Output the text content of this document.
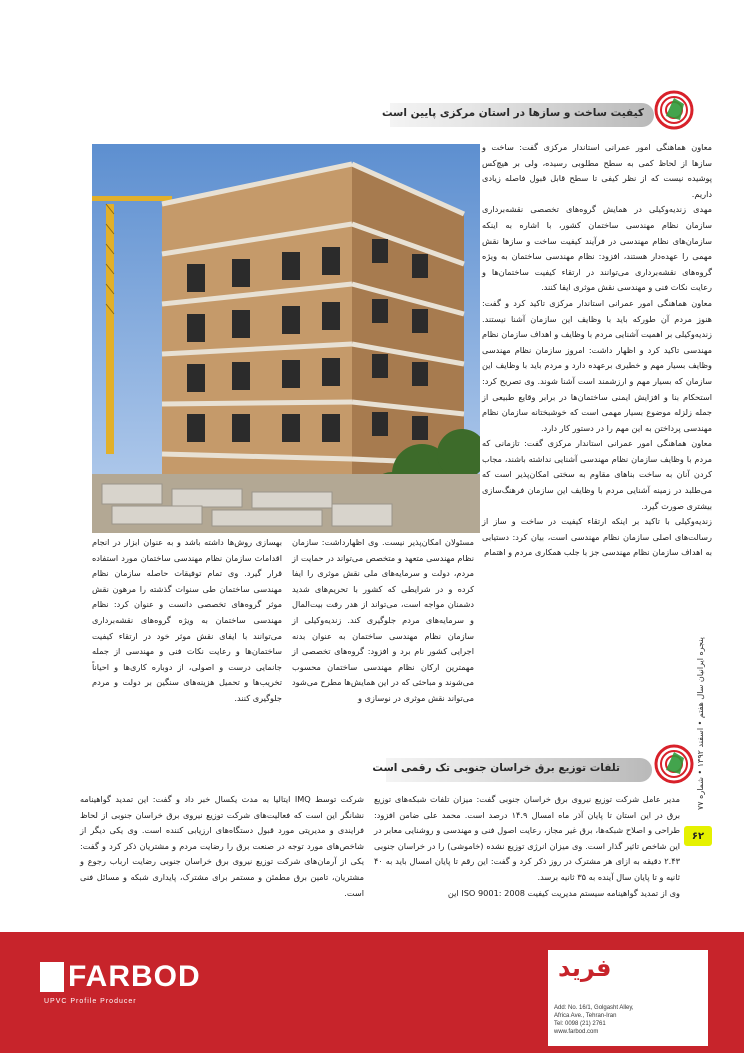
کیفیت ساخت و سازها در استان مرکزی پایین است

معاون هماهنگی امور عمرانی استاندار مرکزی گفت: ساخت و سازها از لحاظ کمی به سطح مطلوبی رسیده، ولی بر هیچ‌کس پوشیده نیست که از نظر کیفی تا سطح قابل قبول فاصله زیادی داریم.

مهدی زندیه‌وکیلی در همایش گروه‌های تخصصی نقشه‌برداری سازمان نظام مهندسی ساختمان کشور، با اشاره به اینکه سازمان‌های نظام مهندسی در فرآیند کیفیت ساخت و سازها نقش مهمی را عهده‌دار هستند، افزود: نظام مهندسی ساختمان به ویژه گروه‌های نقشه‌برداری می‌توانند در ارتقاء کیفیت ساختمان‌ها و رعایت نکات فنی و مهندسی نقش موثری ایفا کنند.

معاون هماهنگی امور عمرانی استاندار مرکزی تاکید کرد و گفت: هنوز مردم آن طورکه باید با وظایف این سازمان آشنا نیستند. زندیه‌وکیلی بر اهمیت آشنایی مردم با وظایف و اهداف سازمان نظام مهندسی تاکید کرد و اظهار داشت: امروز سازمان نظام مهندسی وظایف بسیار مهم و خطیری برعهده دارد و مردم باید با وظایف این سازمان که بسیار مهم و ارزشمند است آشنا شوند. وی تصریح کرد: استحکام بنا و افزایش ایمنی ساختمان‌ها در برابر وقایع طبیعی از جمله زلزله موضوع بسیار مهمی است که خوشبختانه سازمان نظام مهندسی پرداختن به این مهم را در دستور کار دارد.

معاون هماهنگی امور عمرانی استاندار مرکزی گفت: تازمانی که مردم با وظایف سازمان نظام مهندسی آشنایی نداشته باشند، مجاب کردن آنان به ساخت بناهای مقاوم به سختی امکان‌پذیر است که می‌طلبد در زمینه آشنایی مردم با وظایف این سازمان فرهنگ‌سازی بیشتری صورت گیرد.

زندیه‌وکیلی با تاکید بر اینکه ارتقاء کیفیت در ساخت و ساز از رسالت‌های اصلی سازمان نظام مهندسی است، بیان کرد: دستیابی به اهداف سازمان نظام مهندسی جز با جلب همکاری مردم و اهتمام

مسئولان امکان‌پذیر نیست. وی اظهارداشت: سازمان نظام مهندسی متعهد و متخصص می‌تواند در حمایت از مردم، دولت و سرمایه‌های ملی نقش موثری را ایفا کرده و در شرایطی که کشور با تحریم‌های شدید دشمنان مواجه است، می‌تواند از هدر رفت بیت‌المال و سرمایه‌های مردم جلوگیری کند. زندیه‌وکیلی از سازمان نظام مهندسی ساختمان به عنوان بدنه اجرایی کشور نام برد و افزود: گروه‌های تخصصی از مهمترین ارکان نظام مهندسی ساختمان محسوب می‌شوند و مباحثی که در این همایش‌ها مطرح می‌شود می‌تواند نقش موثری در نوسازی و

بهسازی روش‌ها داشته باشد و به عنوان ابزار در انجام اقدامات سازمان نظام مهندسی ساختمان مورد استفاده قرار گیرد. وی تمام توفیقات حاصله سازمان نظام مهندسی ساختمان طی سنوات گذشته را مرهون نقش موثر گروه‌های تخصصی دانست و عنوان کرد: نظام مهندسی ساختمان به ویژه گروه‌های نقشه‌برداری می‌توانند با ایفای نقش موثر خود در ارتقاء کیفیت ساختمان‌ها و رعایت نکات فنی و مهندسی از جمله جانمایی درست و اصولی، از دوباره کاری‌ها و احیاناً تخریب‌ها و تحمیل هزینه‌های سنگین بر دولت و مردم جلوگیری کنند.

پنجره ایرانیان سال هفتم • اسفند ۱۳۹۲ • شماره ۷۷
تلفات توزیع برق خراسان جنوبی تک رقمی است

مدیر عامل شرکت توزیع نیروی برق خراسان جنوبی گفت: میزان تلفات شبکه‌های توزیع برق در این استان تا پایان آذر ماه امسال ۱۴.۹ درصد است. محمد علی ضامن افزود: طراحی و اصلاح شبکه‌ها، برق غیر مجاز، رعایت اصول فنی و مهندسی و روشنایی معابر در این شاخص تاثیر گذار است. وی میزان انرژی توزیع نشده (خاموشی) را در خراسان جنوبی ۲.۴۳ دقیقه به ازای هر مشترک در روز ذکر کرد و گفت: این رقم تا پایان امسال باید به ۴۰ ثانیه و تا پایان سال آینده به ۳۵ ثانیه برسد.

وی از تمدید گواهینامه سیستم مدیریت کیفیت ISO 9001: 2008 این

شرکت توسط IMQ ایتالیا به مدت یکسال خبر داد و گفت: این تمدید گواهینامه نشانگر این است که فعالیت‌های شرکت توزیع نیروی برق خراسان جنوبی از لحاظ فرایندی و مدیریتی مورد قبول دستگاه‌های ارزیابی کننده است. وی یکی دیگر از شاخص‌های مورد توجه در صنعت برق را رضایت مردم و مشتریان ذکر کرد و گفت: یکی از آرمان‌های شرکت توزیع نیروی برق خراسان جنوبی رضایت ارباب رجوع و مشتریان، تامین برق مطمئن و مستمر برای مشترک، پایداری شبکه و مسائل فنی است.

۶۲
FARBOD
UPVC Profile Producer
فرید
Add: No. 16/1, Golgasht Alley,
Africa Ave., Tehran-Iran
Tel: 0098 (21) 2761
www.farbod.com
